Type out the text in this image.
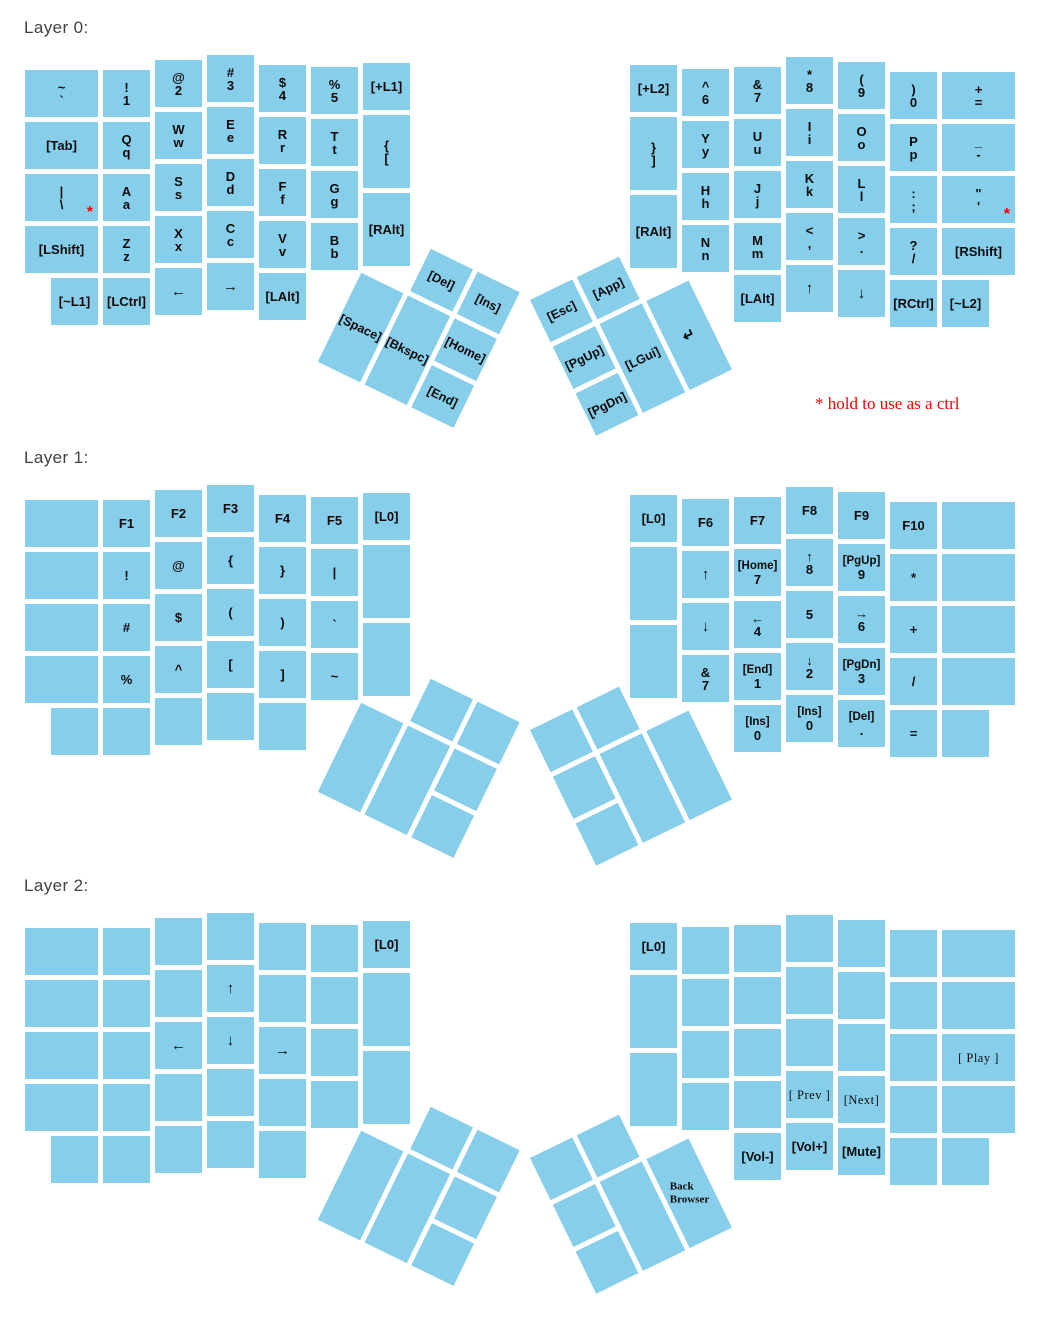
Layer 0:
Layer 1:
Layer 2:
~
`
!
1
@
2
#
3	$
4
%
5
[+L1]
[Tab]	Q
q
W
w
E
e	R
r
T
t	{
[
|
\ *
A
a
S
s
D
d	F
f
G
g
[RAlt]
[LShift]	Z
z
X
x
C
c	V
v
B
b
[~L1] [LCtrl]
← →
[LAlt]
[+L2]	^
6
&
7
*
8
(
9	)
0
+
=
}
]
Y
y
U
u
I
i
O
o	P
p
_
-
[RAlt]
H
h
J
j
K
k
L
l	:
;
"
' *
N
n
M
m
<
,
>
.	?
/	[RShift]
[LAlt]
↑	↓
[RCtrl] [~L2]
[Del]
[Ins]
[Space]
[Bkspc] [Home]
[End]
[Esc]
[App]
[PgUp] [LGui]
↵
[PgDn]
F1
F2	F3
F4	F5	[L0]
!
@	{
}	|
#
$	(
)	`
%
^	[
]	~
[L0] F6	F7
F8	F9
F10
↑ [Home]
7
↑
8
[PgUp]
9	*
↓	←
4
5	→
6	+
&
7
[End]
1
↓
2
[PgDn]
3	/
[Ins]
0
[Ins]
0
[Del]
.	=
[L0]
↑
←	↓
→
[L0]
[ Play ]
[ Prev ] [Next]
[Vol-]
[Vol+] [Mute]
Back
Browser
* hold to use as a ctrl
